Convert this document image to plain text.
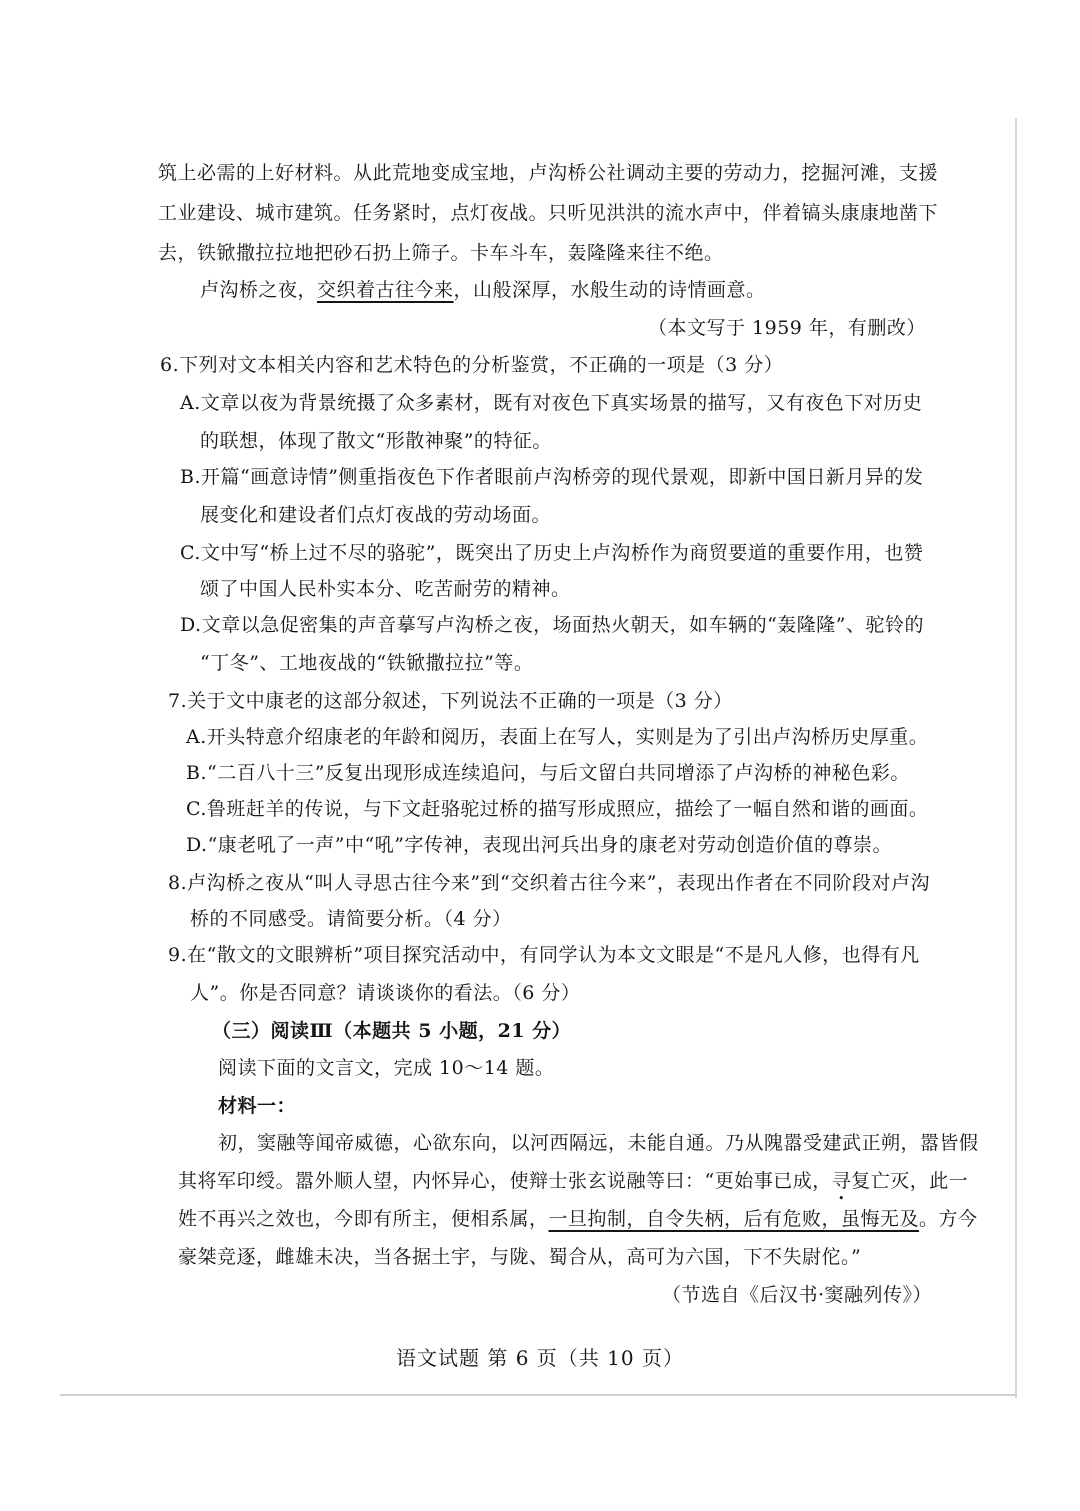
筑上必需的上好材料。从此荒地变成宝地，卢沟桥公社调动主要的劳动力，挖掘河滩，支援
工业建设、城市建筑。任务紧时，点灯夜战。只听见洪洪的流水声中，伴着镐头康康地凿下
去，铁锨撒拉拉地把砂石扔上筛子。卡车斗车，轰隆隆来往不绝。
卢沟桥之夜，交织着古往今来，山般深厚，水般生动的诗情画意。
（本文写于 1959 年，有删改）
6.下列对文本相关内容和艺术特色的分析鉴赏，不正确的一项是（3 分）
A.文章以夜为背景统摄了众多素材，既有对夜色下真实场景的描写，又有夜色下对历史
的联想，体现了散文“形散神聚”的特征。
B.开篇“画意诗情”侧重指夜色下作者眼前卢沟桥旁的现代景观，即新中国日新月异的发
展变化和建设者们点灯夜战的劳动场面。
C.文中写“桥上过不尽的骆驼”，既突出了历史上卢沟桥作为商贸要道的重要作用，也赞
颂了中国人民朴实本分、吃苦耐劳的精神。
D.文章以急促密集的声音摹写卢沟桥之夜，场面热火朝天，如车辆的“轰隆隆”、驼铃的
“丁冬”、工地夜战的“铁锨撒拉拉”等。
7.关于文中康老的这部分叙述，下列说法不正确的一项是（3 分）
A.开头特意介绍康老的年龄和阅历，表面上在写人，实则是为了引出卢沟桥历史厚重。
B.“二百八十三”反复出现形成连续追问，与后文留白共同增添了卢沟桥的神秘色彩。
C.鲁班赶羊的传说，与下文赶骆驼过桥的描写形成照应，描绘了一幅自然和谐的画面。
D.“康老吼了一声”中“吼”字传神，表现出河兵出身的康老对劳动创造价值的尊崇。
8.卢沟桥之夜从“叫人寻思古往今来”到“交织着古往今来”，表现出作者在不同阶段对卢沟
桥的不同感受。请简要分析。（4 分）
9.在“散文的文眼辨析”项目探究活动中，有同学认为本文文眼是“不是凡人修，也得有凡
人”。你是否同意？请谈谈你的看法。（6 分）
（三）阅读Ⅲ（本题共 5 小题，21 分）
阅读下面的文言文，完成 10～14 题。
材料一：
初，窦融等闻帝威德，心欲东向，以河西隔远，未能自通。乃从隗嚣受建武正朔，嚣皆假
其将军印绶。嚣外顺人望，内怀异心，使辩士张玄说融等曰：“更始事已成，寻复亡灭，此一
姓不再兴之效也，今即有所主，便相系属，一旦拘制，自令失柄，后有危败，虽悔无及。方今
豪桀竞逐，雌雄未决，当各据土宇，与陇、蜀合从，高可为六国，下不失尉佗。”
（节选自《后汉书·窦融列传》）
语文试题 第 6 页（共 10 页）
